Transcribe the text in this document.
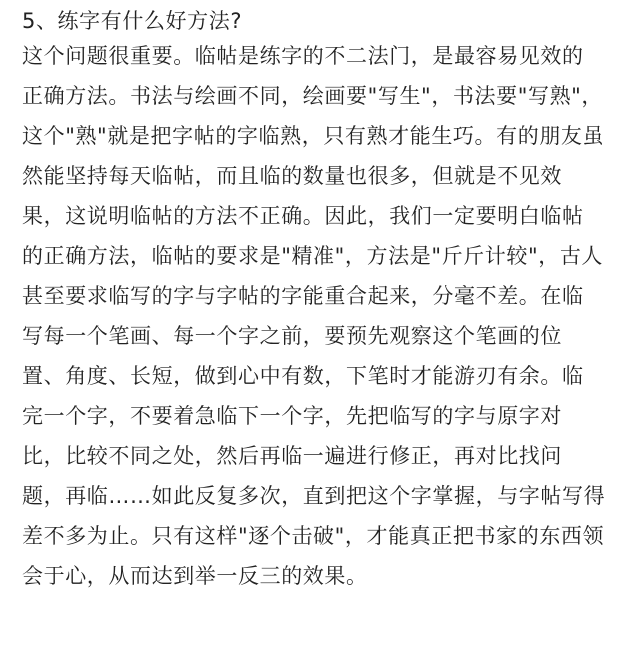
5、练字有什么好方法?
这个问题很重要。临帖是练字的不二法门，是最容易见效的
正确方法。书法与绘画不同，绘画要"写生"，书法要"写熟"，
这个"熟"就是把字帖的字临熟，只有熟才能生巧。有的朋友虽
然能坚持每天临帖，而且临的数量也很多，但就是不见效
果，这说明临帖的方法不正确。因此，我们一定要明白临帖
的正确方法，临帖的要求是"精准"，方法是"斤斤计较"，古人
甚至要求临写的字与字帖的字能重合起来，分毫不差。在临
写每一个笔画、每一个字之前，要预先观察这个笔画的位
置、角度、长短，做到心中有数，下笔时才能游刃有余。临
完一个字，不要着急临下一个字，先把临写的字与原字对
比，比较不同之处，然后再临一遍进行修正，再对比找问
题，再临……如此反复多次，直到把这个字掌握，与字帖写得
差不多为止。只有这样"逐个击破"，才能真正把书家的东西领
会于心，从而达到举一反三的效果。
